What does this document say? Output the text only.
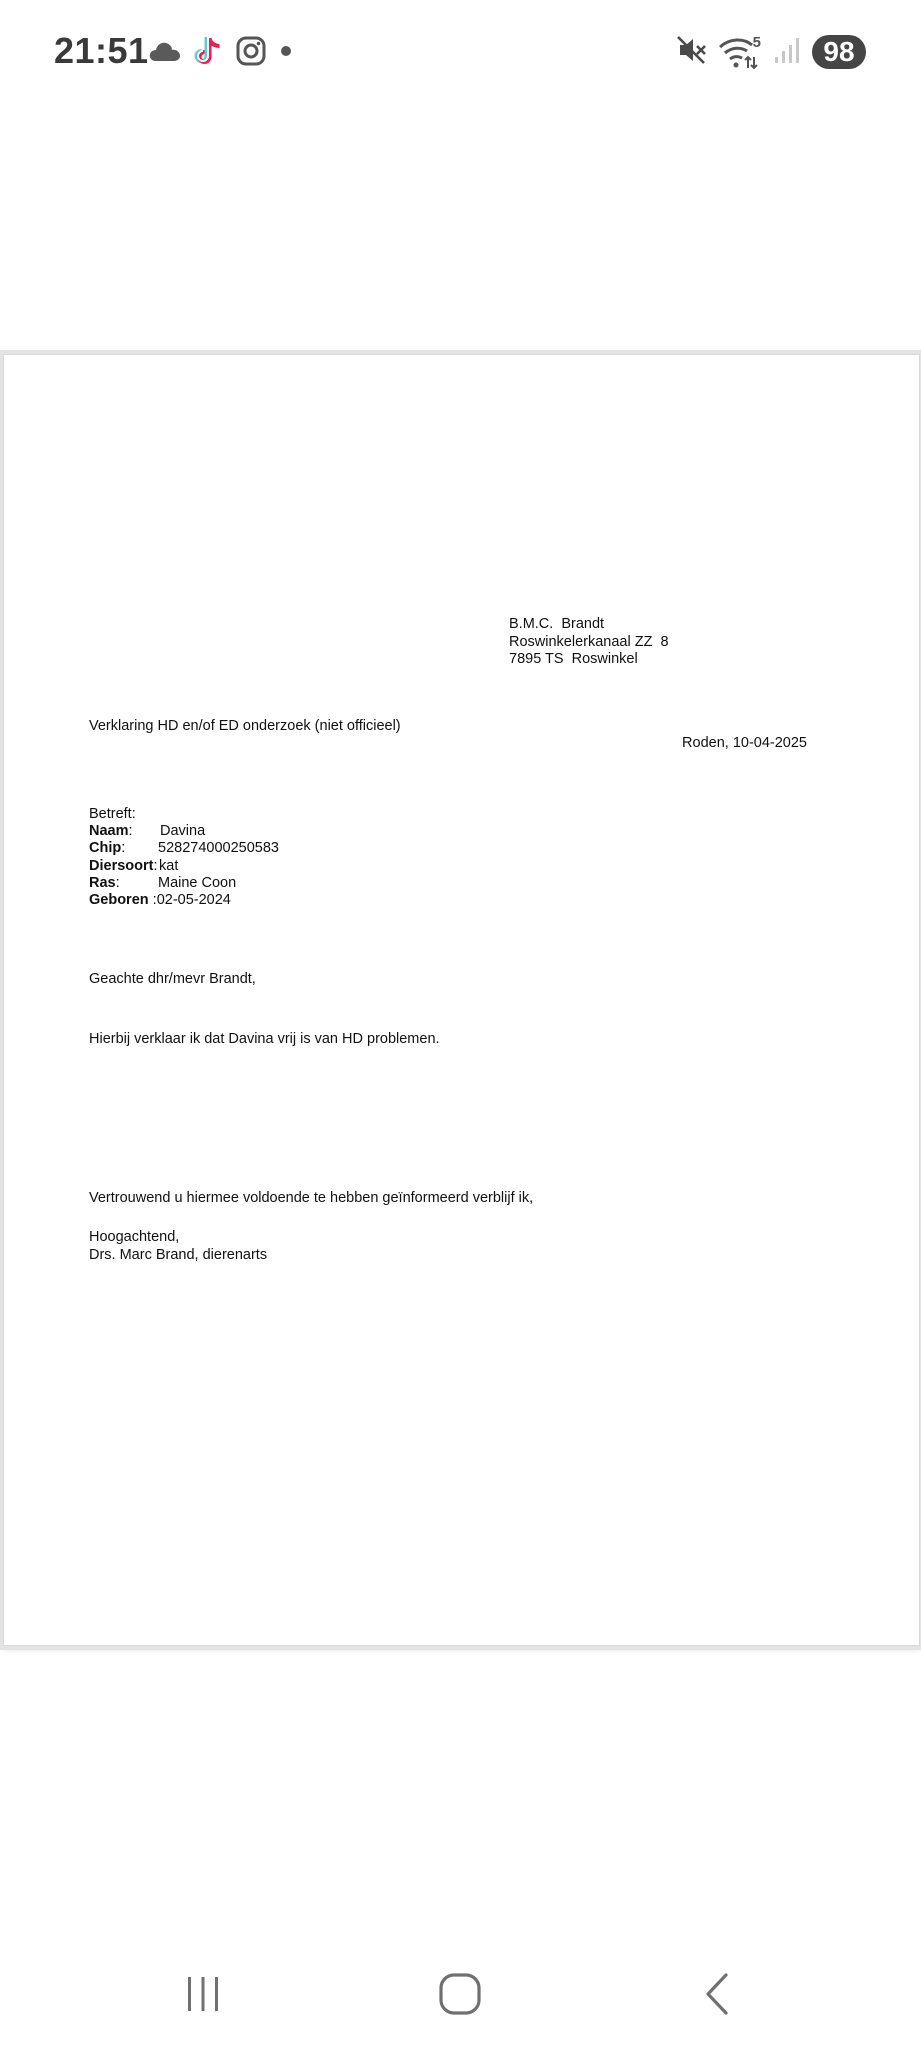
21:51	5	98
B.M.C.  Brandt
Roswinkelerkanaal ZZ  8
7895 TS  Roswinkel
Verklaring HD en/of ED onderzoek (niet officieel)
Roden, 10-04-2025
Betreft:
Naam: Davina
Chip: 528274000250583
Diersoort: kat
Ras:	Maine Coon
Geboren :02-05-2024
Geachte dhr/mevr Brandt,
Hierbij verklaar ik dat Davina vrij is van HD problemen.
Vertrouwend u hiermee voldoende te hebben geïnformeerd verblijf ik,
Hoogachtend,
Drs. Marc Brand, dierenarts
